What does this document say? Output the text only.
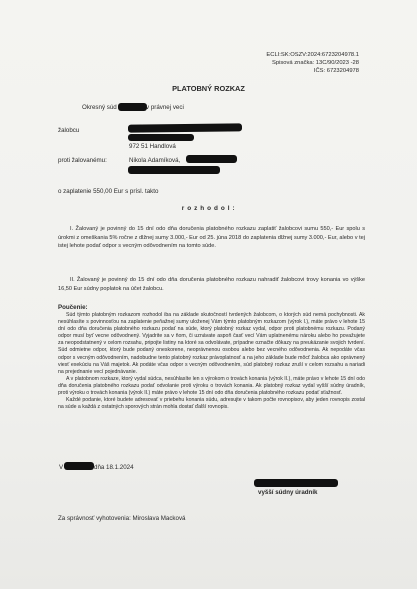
ECLI:SK:OSZV:2024:6723204978.1
Spisová značka: 13C/90/2023 -28
IČS: 6723204978
PLATOBNÝ ROZKAZ
Okresný súd	v právnej veci
žalobcu
972 51 Handlová
proti žalovanému:	Nikola Adamíková,
o zaplatenie 550,00 Eur s prísl. takto
r o z h o d o l :
I. Žalovaný je povinný do 15 dní odo dňa doručenia platobného rozkazu zaplatiť žalobcovi sumu 550,- Eur spolu s úrokmi z omeškania 5% ročne z dlžnej sumy 3.000,- Eur od 25. júna 2018 do zaplatenia dlžnej sumy 3.000,- Eur, alebo v tej istej lehote podať odpor s vecným odôvodnením na tomto súde.
II. Žalovaný je povinný do 15 dní odo dňa doručenia platobného rozkazu nahradiť žalobcovi trovy konania vo výške 16,50 Eur súdny poplatok na účet žalobcu.
Poučenie:

Súd týmto platobným rozkazom rozhodol iba na základe skutočností tvrdených žalobcom, o ktorých súd nemá pochybnosti. Ak nesúhlasíte s povinnosťou na zaplatenie peňažnej sumy uloženej Vám týmto platobným rozkazom (výrok I.), máte právo v lehote 15 dní odo dňa doručenia platobného rozkazu podať na súde, ktorý platobný rozkaz vydal, odpor proti platobnému rozkazu. Podaný odpor musí byť vecne odôvodnený. Vyjadrite sa v ňom, či uznávate aspoň časť vecí Vám uplatnenému nároku alebo ho považujete za neopodstatnený v celom rozsahu, pripojte listiny na ktoré sa odvolávate, prípadne označte dôkazy na preukázanie svojich tvrdení. Súd odmietne odpor, ktorý bude podaný oneskorene, neoprávnenou osobou alebo bez vecného odôvodnenia. Ak nepodáte včas odpor s vecným odôvodnením, nadobudne tento platobný rozkaz právoplatnosť a na jeho základe bude môcť žalobca ako oprávnený viesť exekúciu na Váš majetok. Ak podáte včas odpor s vecným odôvodnením, súd platobný rozkaz zruší v celom rozsahu a nariadi na prejednanie vecí pojednávanie.

A v platobnom rozkaze, ktorý vydal súdca, nesúhlasíte len s výrokom o trovách konania (výrok II.), máte právo v lehote 15 dní odo dňa doručenia platobného rozkazu podať odvolanie proti výroku o trovách konania. Ak platobný rozkaz vydal vyšší súdny úradník, proti výroku o trovách konania (výrok II.) máte právo v lehote 15 dní odo dňa doručenia platobného rozkazu podať sťažnosť.

Každé podanie, ktoré budete adresovať v priebehu konania súdu, adresujte v takom počte rovnopisov, aby jeden rovnopis zostal na súde a každá z ostatných sporových strán mohla dostať ďalší rovnopis.

V	dňa 18.1.2024
vyšší súdny úradník
Za správnosť vyhotovenia: Miroslava Macková
